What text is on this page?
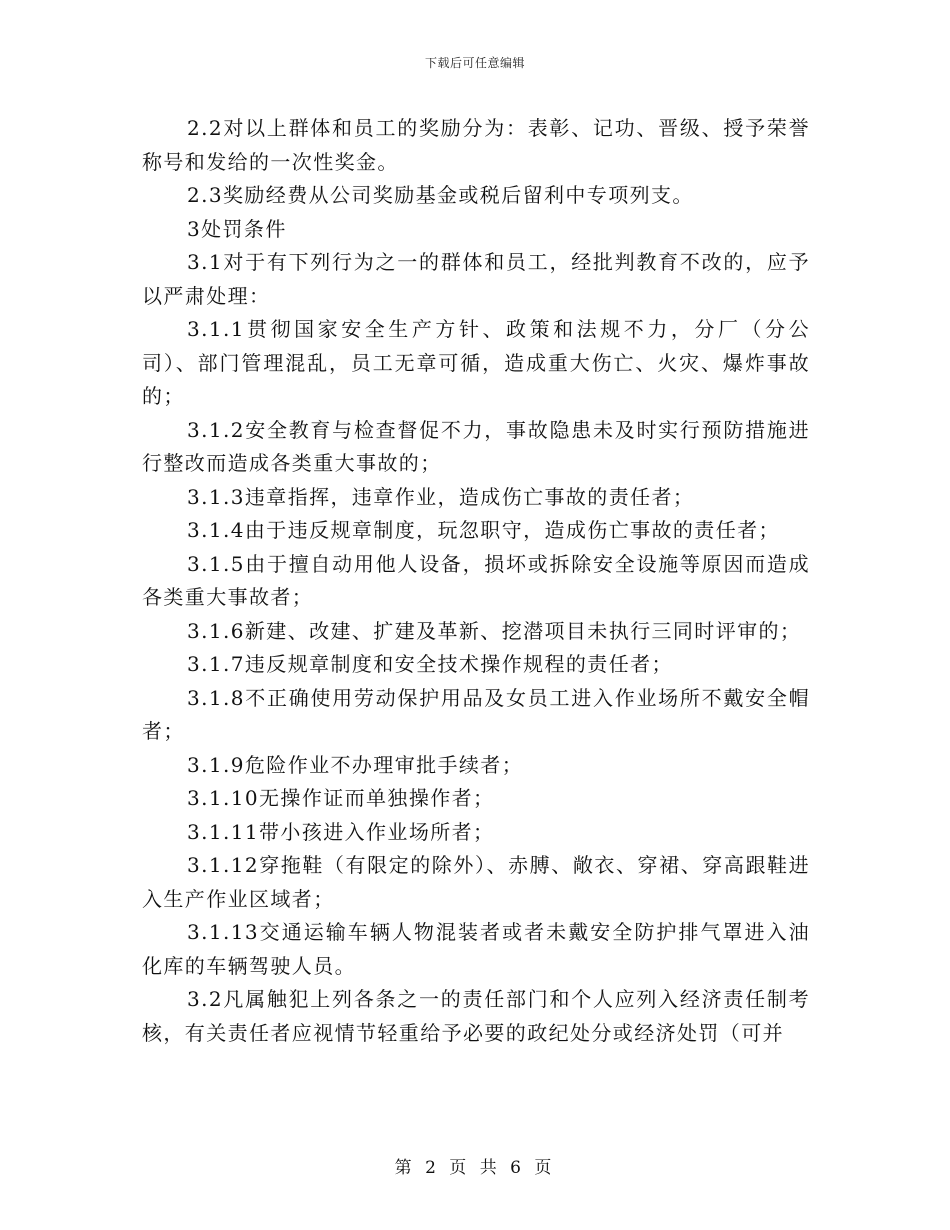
下载后可任意编辑

2.2对以上群体和员工的奖励分为：表彰、记功、晋级、授予荣誉称号和发给的一次性奖金。

2.3奖励经费从公司奖励基金或税后留利中专项列支。

3处罚条件

3.1对于有下列行为之一的群体和员工，经批判教育不改的，应予以严肃处理：

3.1.1贯彻国家安全生产方针、政策和法规不力，分厂（分公司）、部门管理混乱，员工无章可循，造成重大伤亡、火灾、爆炸事故的；

3.1.2安全教育与检查督促不力，事故隐患未及时实行预防措施进行整改而造成各类重大事故的；

3.1.3违章指挥，违章作业，造成伤亡事故的责任者；

3.1.4由于违反规章制度，玩忽职守，造成伤亡事故的责任者；

3.1.5由于擅自动用他人设备，损坏或拆除安全设施等原因而造成各类重大事故者；

3.1.6新建、改建、扩建及革新、挖潜项目未执行三同时评审的；

3.1.7违反规章制度和安全技术操作规程的责任者；

3.1.8不正确使用劳动保护用品及女员工进入作业场所不戴安全帽者；

3.1.9危险作业不办理审批手续者；

3.1.10无操作证而单独操作者；

3.1.11带小孩进入作业场所者；

3.1.12穿拖鞋（有限定的除外）、赤膊、敞衣、穿裙、穿高跟鞋进入生产作业区域者；

3.1.13交通运输车辆人物混装者或者未戴安全防护排气罩进入油化库的车辆驾驶人员。

3.2凡属触犯上列各条之一的责任部门和个人应列入经济责任制考核，有关责任者应视情节轻重给予必要的政纪处分或经济处罚（可并

第 2 页 共 6 页
